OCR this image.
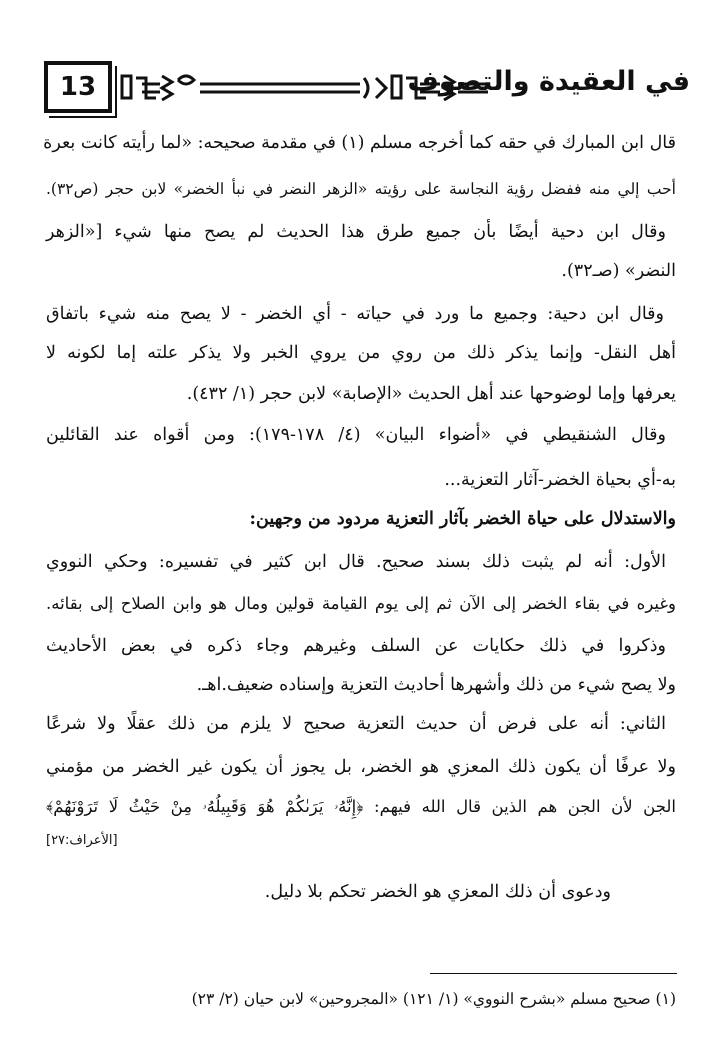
13	في العقيدة والتصوف
قال ابن المبارك في حقه كما أخرجه مسلم (١) في مقدمة صحيحه: «لما رأيته كانت بعرة
أحب إلي منه ففضل رؤية النجاسة على رؤيته «الزهر النضر في نبأ الخضر» لابن حجر (ص٣٢).
وقال ابن دحية أيضًا بأن جميع طرق هذا الحديث لم يصح منها شيء [«الزهر
النضر» (صـ٣٢).
وقال ابن دحية: وجميع ما ورد في حياته - أي الخضر - لا يصح منه شيء باتفاق
أهل النقل- وإنما يذكر ذلك من روي من يروي الخبر ولا يذكر علته إما لكونه لا
يعرفها وإما لوضوحها عند أهل الحديث «الإصابة» لابن حجر (١/ ٤٣٢).
وقال الشنقيطي في «أضواء البيان» (٤/ ١٧٨-١٧٩): ومن أقواه عند القائلين
به-أي بحياة الخضر-آثار التعزية...
والاستدلال على حياة الخضر بآثار التعزية مردود من وجهين:
الأول: أنه لم يثبت ذلك بسند صحيح. قال ابن كثير في تفسيره: وحكي النووي
وغيره في بقاء الخضر إلى الآن ثم إلى يوم القيامة قولين ومال هو وابن الصلاح إلى بقائه.
وذكروا في ذلك حكايات عن السلف وغيرهم وجاء ذكره في بعض الأحاديث
ولا يصح شيء من ذلك وأشهرها أحاديث التعزية وإسناده ضعيف.اهـ.
الثاني: أنه على فرض أن حديث التعزية صحيح لا يلزم من ذلك عقلًا ولا شرعًا
ولا عرفًا أن يكون ذلك المعزي هو الخضر، بل يجوز أن يكون غير الخضر من مؤمني
الجن لأن الجن هم الذين قال الله فيهم: ﴿إِنَّهُۥ يَرَىٰكُمْ هُوَ وَقَبِيلُهُۥ مِنْ حَيْثُ لَا تَرَوْنَهُمْ﴾
[الأعراف:٢٧]
ودعوى أن ذلك المعزي هو الخضر تحكم بلا دليل.
(١) صحيح مسلم «بشرح النووي» (١/ ١٢١) «المجروحين» لابن حيان (٢/ ٢٣)
